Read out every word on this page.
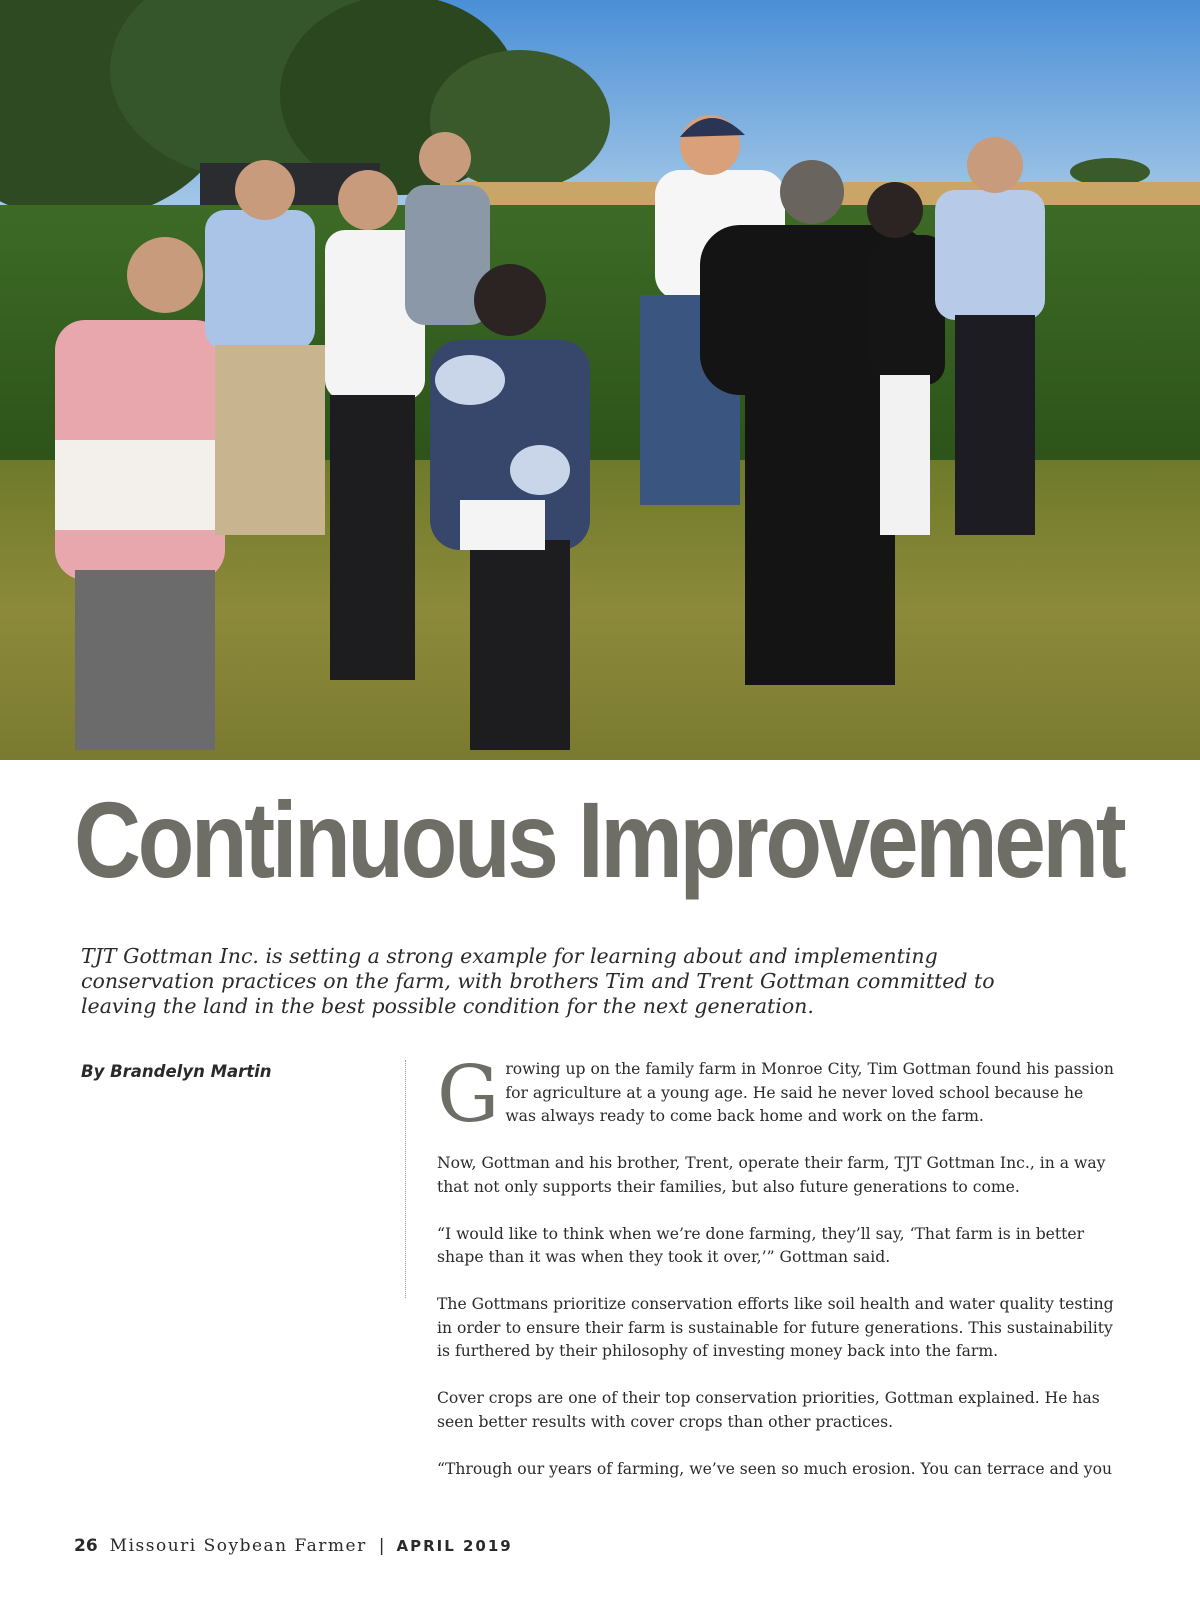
Continuous Improvement

TJT Gottman Inc. is setting a strong example for learning about and implementing conservation practices on the farm, with brothers Tim and Trent Gottman committed to leaving the land in the best possible condition for the next generation.

By Brandelyn Martin Growing up on the family farm in Monroe City, Tim Gottman found his passion for agriculture at a young age. He said he never loved school because he was always ready to come back home and work on the farm.

Now, Gottman and his brother, Trent, operate their farm, TJT Gottman Inc., in a way that not only supports their families, but also future generations to come.

“I would like to think when we’re done farming, they’ll say, ‘That farm is in better shape than it was when they took it over,’” Gottman said.

The Gottmans prioritize conservation efforts like soil health and water quality testing in order to ensure their farm is sustainable for future generations. This sustainability is furthered by their philosophy of investing money back into the farm.

Cover crops are one of their top conservation priorities, Gottman explained. He has seen better results with cover crops than other practices.

“Through our years of farming, we’ve seen so much erosion. You can terrace and you

26 Missouri Soybean Farmer | APRIL 2019
